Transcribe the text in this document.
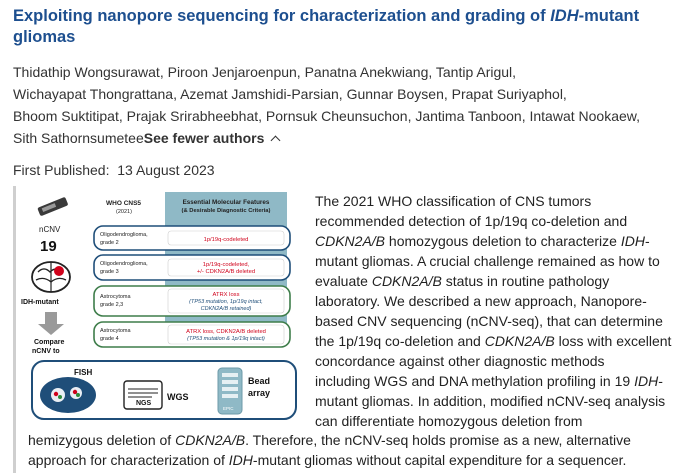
Exploiting nanopore sequencing for characterization and grading of IDH-mutant
gliomas
Thidathip Wongsurawat, Piroon Jenjaroenpun, Panatna Anekwiang, Tantip Arigul,
Wichayapat Thongrattana, Azemat Jamshidi-Parsian, Gunnar Boysen, Prapat Suriyaphol,
Bhoom Suktitipat, Prajak Srirabheebhat, Pornsuk Cheunsuchon, Jantima Tanboon, Intawat Nookaew,
Sith SathornsumeteeSee fewer authors
First Published: 13 August 2023
nCNV
19
IDH-mutant
Compare
nCNV to
WHO CNS5
(2021)
Essential Molecular Features
(& Desirable Diagnostic Criteria)
Oligodendroglioma,
grade 2	1p/19q-codeleted
Oligodendroglioma,
grade 3
1p/19q-codeleted,
+/- CDKN2A/B deleted
Astrocytoma
grade 2,3
ATRX loss
(TP53 mutation, 1p/19q intact,
CDKN2A/B retained)
Astrocytoma
grade 4
ATRX loss, CDKN2A/B deleted
(TP53 mutation & 1p/19q intact)
FISH
NGS
WGS
EPIC
Bead
array
The 2021 WHO classification of CNS tumors
recommended detection of 1p/19q co-deletion and
CDKN2A/B homozygous deletion to characterize IDH-
mutant gliomas. A crucial challenge remained as how to
evaluate CDKN2A/B status in routine pathology
laboratory. We described a new approach, Nanopore-
based CNV sequencing (nCNV-seq), that can determine
the 1p/19q co-deletion and CDKN2A/B loss with excellent
concordance against other diagnostic methods
including WGS and DNA methylation profiling in 19 IDH-
mutant gliomas. In addition, modified nCNV-seq analysis
can differentiate homozygous deletion from
hemizygous deletion of CDKN2A/B. Therefore, the nCNV-seq holds promise as a new, alternative
approach for characterization of IDH-mutant gliomas without capital expenditure for a sequencer.
